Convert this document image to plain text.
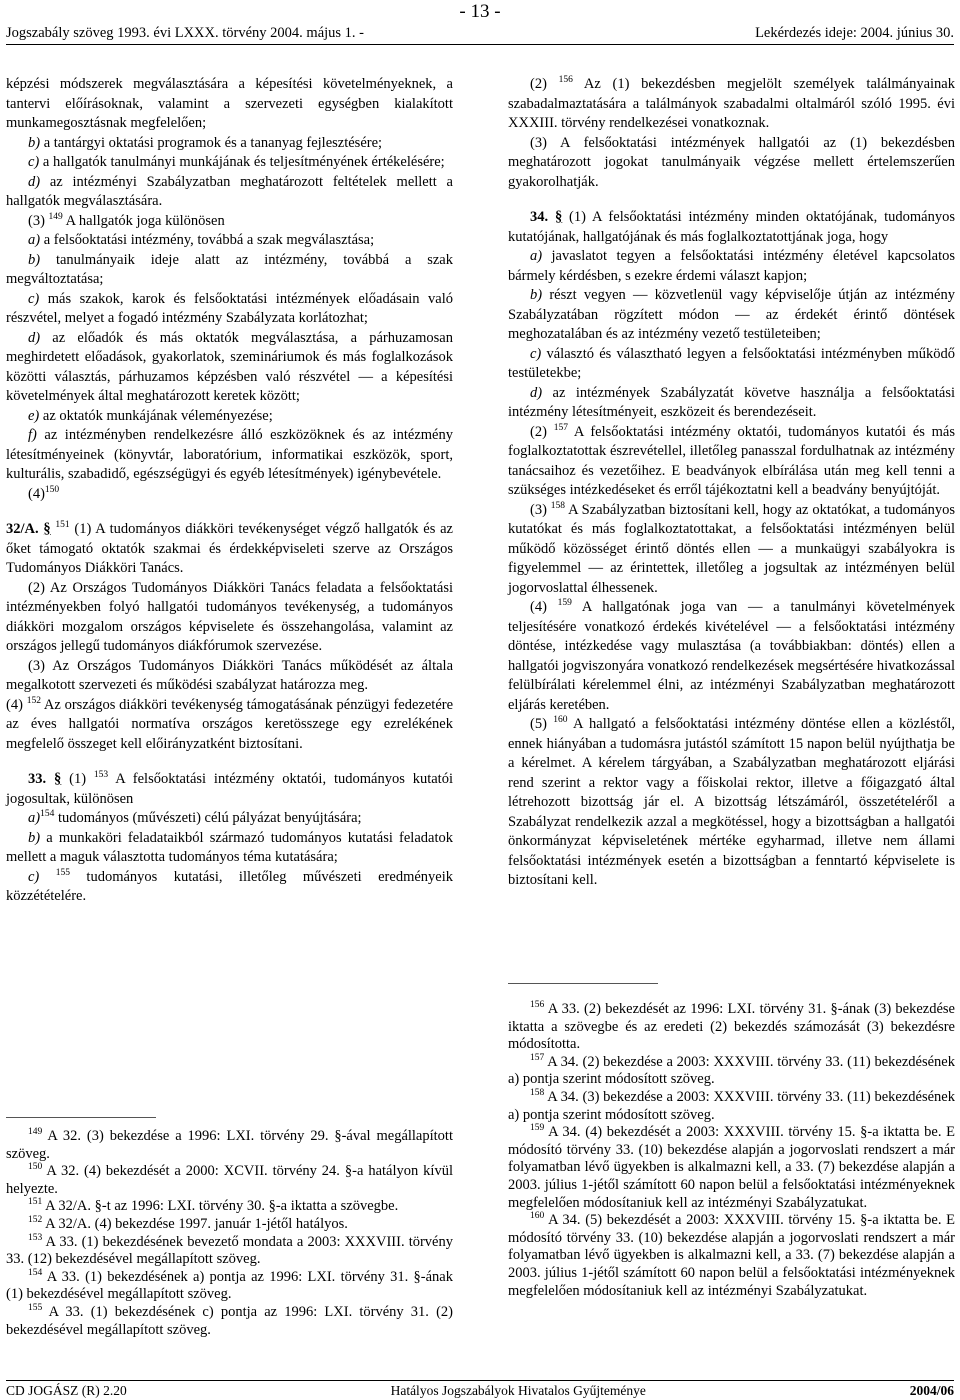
- 13 -
Jogszabály szöveg 1993. évi LXXX. törvény 2004. május 1. -	Lekérdezés ideje: 2004. június 30.

képzési módszerek megválasztására a képesítési követelményeknek, a tantervi előírásoknak, valamint a szervezeti egységben kialakított munkamegosztásnak megfelelően;

b) a tantárgyi oktatási programok és a tananyag fejlesztésére;

c) a hallgatók tanulmányi munkájának és teljesítményének értékelésére;

d) az intézményi Szabályzatban meghatározott feltételek mellett a hallgatók megválasztására.

(3) $^{149}$ A hallgatók joga különösen

a) a felsőoktatási intézmény, továbbá a szak megválasztása;

b) tanulmányaik ideje alatt az intézmény, továbbá a szak megváltoztatása;

c) más szakok, karok és felsőoktatási intézmények előadásain való részvétel, melyet a fogadó intézmény Szabályzata korlátozhat;

d) az előadók és más oktatók megválasztása, a párhuzamosan meghirdetett előadások, gyakorlatok, szemináriumok és más foglalkozások közötti választás, párhuzamos képzésben való részvétel ― a képesítési követelmények által meghatározott keretek között;

e) az oktatók munkájának véleményezése;

f) az intézményben rendelkezésre álló eszközöknek és az intézmény létesítményeinek (könyvtár, laboratórium, informatikai eszközök, sport, kulturális, szabadidő, egészségügyi és egyéb létesítmények) igénybevétele.

(4)$^{150}$

32/A. § $^{151}$ (1) A tudományos diákköri tevékenységet végző hallgatók és az őket támogató oktatók szakmai és érdekképviseleti szerve az Országos Tudományos Diákköri Tanács.

(2) Az Országos Tudományos Diákköri Tanács feladata a felsőoktatási intézményekben folyó hallgatói tudományos tevékenység, a tudományos diákköri mozgalom országos képviselete és összehangolása, valamint az országos jellegű tudományos diákfórumok szervezése.

(3) Az Országos Tudományos Diákköri Tanács működését az általa megalkotott szervezeti és működési szabályzat határozza meg.

(4) $^{152}$ Az országos diákköri tevékenység támogatásának pénzügyi fedezetére az éves hallgatói normatíva országos keretösszege egy ezrelékének megfelelő összeget kell előirányzatként biztosítani.

33. § (1) $^{153}$ A felsőoktatási intézmény oktatói, tudományos kutatói jogosultak, különösen

a)$^{154}$ tudományos (művészeti) célú pályázat benyújtására;

b) a munkaköri feladataikból származó tudományos kutatási feladatok mellett a maguk választotta tudományos téma kutatására;

c) $^{155}$ tudományos kutatási, illetőleg művészeti eredményeik közzétételére.

(2) $^{156}$ Az (1) bekezdésben megjelölt személyek találmányainak szabadalmaztatására a találmányok szabadalmi oltalmáról szóló 1995. évi XXXIII. törvény rendelkezései vonatkoznak.

(3) A felsőoktatási intézmények hallgatói az (1) bekezdésben meghatározott jogokat tanulmányaik végzése mellett értelemszerűen gyakorolhatják.

34. § (1) A felsőoktatási intézmény minden oktatójának, tudományos kutatójának, hallgatójának és más foglalkoztatottjának joga, hogy

a) javaslatot tegyen a felsőoktatási intézmény életével kapcsolatos bármely kérdésben, s ezekre érdemi választ kapjon;

b) részt vegyen ― közvetlenül vagy képviselője útján az intézmény Szabályzatában rögzített módon ― az érdekét érintő döntések meghozatalában és az intézmény vezető testületeiben;

c) választó és választható legyen a felsőoktatási intézményben működő testületekbe;

d) az intézmények Szabályzatát követve használja a felsőoktatási intézmény létesítményeit, eszközeit és berendezéseit.

(2) $^{157}$ A felsőoktatási intézmény oktatói, tudományos kutatói és más foglalkoztatottak észrevétellel, illetőleg panasszal fordulhatnak az intézmény tanácsaihoz és vezetőihez. E beadványok elbírálása után meg kell tenni a szükséges intézkedéseket és erről tájékoztatni kell a beadvány benyújtóját.

(3) $^{158}$ A Szabályzatban biztosítani kell, hogy az oktatókat, a tudományos kutatókat és más foglalkoztatottakat, a felsőoktatási intézményen belül működő közösséget érintő döntés ellen ― a munkaügyi szabályokra is figyelemmel ― az érintettek, illetőleg a jogsultak az intézményen belül jogorvoslattal élhessenek.

(4) $^{159}$ A hallgatónak joga van ― a tanulmányi követelmények teljesítésére vonatkozó érdekés kivételével ― a felsőoktatási intézmény döntése, intézkedése vagy mulasztása (a továbbiakban: döntés) ellen a hallgatói jogviszonyára vonatkozó rendelkezések megsértésére hivatkozással felülbírálati kérelemmel élni, az intézményi Szabályzatban meghatározott eljárás keretében.

(5) $^{160}$ A hallgató a felsőoktatási intézmény döntése ellen a közléstől, ennek hiányában a tudomásra jutástól számított 15 napon belül nyújthatja be a kérelmet. A kérelem tárgyában, a Szabályzatban meghatározott eljárási rend szerint a rektor vagy a főiskolai rektor, illetve a főigazgató által létrehozott bizottság jár el. A bizottság létszámáról, összetételéről a Szabályzat rendelkezik azzal a megkötéssel, hogy a bizottságban a hallgatói önkormányzat képviseletének mértéke egyharmad, illetve nem állami felsőoktatási intézmények esetén a bizottságban a fenntartó képviselete is biztosítani kell.

$^{156}$ A 33. (2) bekezdését az 1996: LXI. törvény 31. §-ának (3) bekezdése iktatta a szövegbe és az eredeti (2) bekezdés számozását (3) bekezdésre módosította.

$^{157}$ A 34. (2) bekezdése a 2003: XXXVIII. törvény 33. (11) bekezdésének a) pontja szerint módosított szöveg.

$^{158}$ A 34. (3) bekezdése a 2003: XXXVIII. törvény 33. (11) bekezdésének a) pontja szerint módosított szöveg.

$^{159}$ A 34. (4) bekezdését a 2003: XXXVIII. törvény 15. §-a iktatta be. E módosító törvény 33. (10) bekezdése alapján a jogorvoslati rendszert a már folyamatban lévő ügyekben is alkalmazni kell, a 33. (7) bekezdése alapján a 2003. július 1-jétől számított 60 napon belül a felsőoktatási intézményeknek megfelelően módosítaniuk kell az intézményi Szabályzatukat.

$^{160}$ A 34. (5) bekezdését a 2003: XXXVIII. törvény 15. §-a iktatta be. E módosító törvény 33. (10) bekezdése alapján a jogorvoslati rendszert a már folyamatban lévő ügyekben is alkalmazni kell, a 33. (7) bekezdése alapján a 2003. július 1-jétől számított 60 napon belül a felsőoktatási intézményeknek megfelelően módosítaniuk kell az intézményi Szabályzatukat.

$^{149}$ A 32. (3) bekezdése a 1996: LXI. törvény 29. §-ával megállapított szöveg.

$^{150}$ A 32. (4) bekezdését a 2000: XCVII. törvény 24. §-a hatályon kívül helyezte.

$^{151}$ A 32/A. §-t az 1996: LXI. törvény 30. §-a iktatta a szövegbe.

$^{152}$ A 32/A. (4) bekezdése 1997. január 1-jétől hatályos.

$^{153}$ A 33. (1) bekezdésének bevezető mondata a 2003: XXXVIII. törvény 33. (12) bekezdésével megállapított szöveg.

$^{154}$ A 33. (1) bekezdésének a) pontja az 1996: LXI. törvény 31. §-ának (1) bekezdésével megállapított szöveg.

$^{155}$ A 33. (1) bekezdésének c) pontja az 1996: LXI. törvény 31. (2) bekezdésével megállapított szöveg.

CD JOGÁSZ (R) 2.20	Hatályos Jogszabályok Hivatalos Gyűjteménye	2004/06
